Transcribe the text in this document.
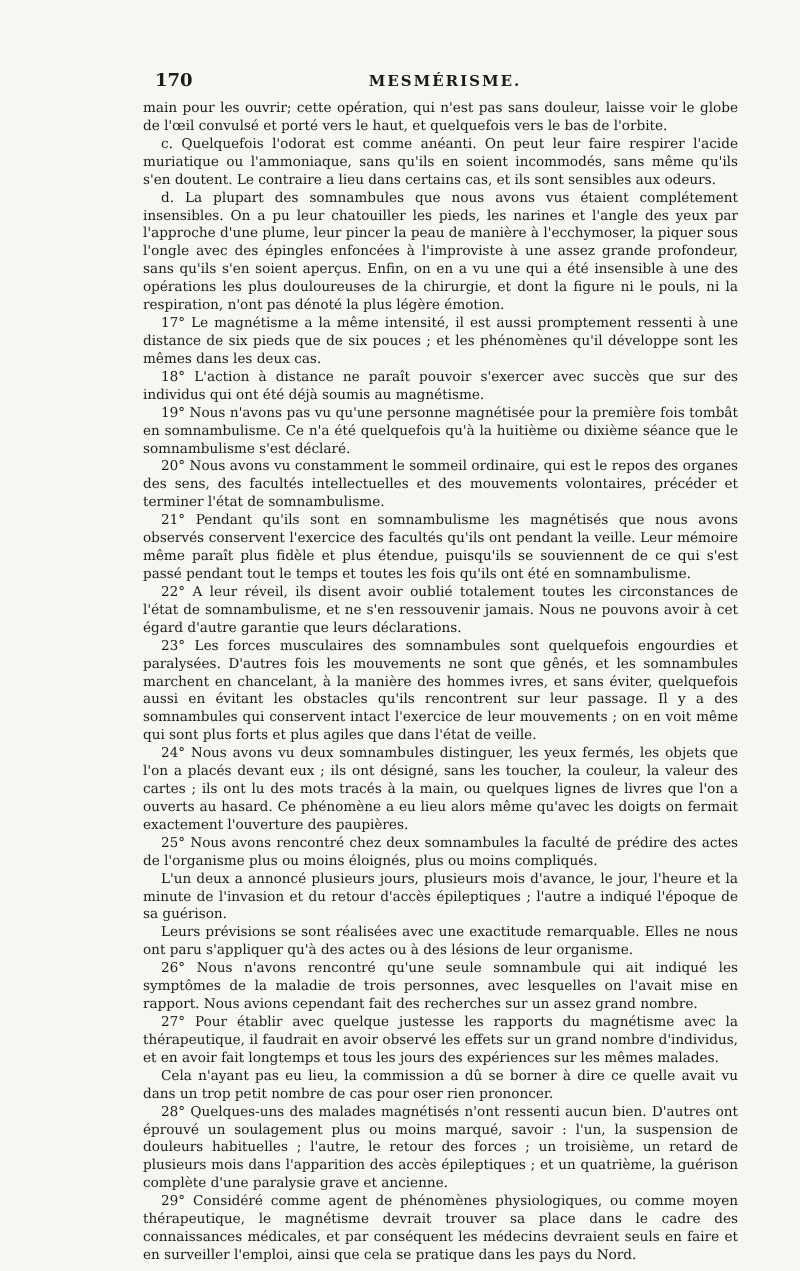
170	MESMÉRISME.

main pour les ouvrir; cette opération, qui n'est pas sans douleur, laisse voir le globe de l'œil convulsé et porté vers le haut, et quelquefois vers le bas de l'orbite.

c. Quelquefois l'odorat est comme anéanti. On peut leur faire respirer l'acide muriatique ou l'ammoniaque, sans qu'ils en soient incommodés, sans même qu'ils s'en doutent. Le contraire a lieu dans certains cas, et ils sont sensibles aux odeurs.

d. La plupart des somnambules que nous avons vus étaient complétement insensibles. On a pu leur chatouiller les pieds, les narines et l'angle des yeux par l'approche d'une plume, leur pincer la peau de manière à l'ecchymoser, la piquer sous l'ongle avec des épingles enfoncées à l'improviste à une assez grande profondeur, sans qu'ils s'en soient aperçus. Enfin, on en a vu une qui a été insensible à une des opérations les plus douloureuses de la chirurgie, et dont la figure ni le pouls, ni la respiration, n'ont pas dénoté la plus légère émotion.

17° Le magnétisme a la même intensité, il est aussi promptement ressenti à une distance de six pieds que de six pouces ; et les phénomènes qu'il développe sont les mêmes dans les deux cas.

18° L'action à distance ne paraît pouvoir s'exercer avec succès que sur des individus qui ont été déjà soumis au magnétisme.

19° Nous n'avons pas vu qu'une personne magnétisée pour la première fois tombât en somnambulisme. Ce n'a été quelquefois qu'à la huitième ou dixième séance que le somnambulisme s'est déclaré.

20° Nous avons vu constamment le sommeil ordinaire, qui est le repos des organes des sens, des facultés intellectuelles et des mouvements volontaires, précéder et terminer l'état de somnambulisme.

21° Pendant qu'ils sont en somnambulisme les magnétisés que nous avons observés conservent l'exercice des facultés qu'ils ont pendant la veille. Leur mémoire même paraît plus fidèle et plus étendue, puisqu'ils se souviennent de ce qui s'est passé pendant tout le temps et toutes les fois qu'ils ont été en somnambulisme.

22° A leur réveil, ils disent avoir oublié totalement toutes les circonstances de l'état de somnambulisme, et ne s'en ressouvenir jamais. Nous ne pouvons avoir à cet égard d'autre garantie que leurs déclarations.

23° Les forces musculaires des somnambules sont quelquefois engourdies et paralysées. D'autres fois les mouvements ne sont que gênés, et les somnambules marchent en chancelant, à la manière des hommes ivres, et sans éviter, quelquefois aussi en évitant les obstacles qu'ils rencontrent sur leur passage. Il y a des somnambules qui conservent intact l'exercice de leur mouvements ; on en voit même qui sont plus forts et plus agiles que dans l'état de veille.

24° Nous avons vu deux somnambules distinguer, les yeux fermés, les objets que l'on a placés devant eux ; ils ont désigné, sans les toucher, la couleur, la valeur des cartes ; ils ont lu des mots tracés à la main, ou quelques lignes de livres que l'on a ouverts au hasard. Ce phénomène a eu lieu alors même qu'avec les doigts on fermait exactement l'ouverture des paupières.

25° Nous avons rencontré chez deux somnambules la faculté de prédire des actes de l'organisme plus ou moins éloignés, plus ou moins compliqués.

L'un deux a annoncé plusieurs jours, plusieurs mois d'avance, le jour, l'heure et la minute de l'invasion et du retour d'accès épileptiques ; l'autre a indiqué l'époque de sa guérison.

Leurs prévisions se sont réalisées avec une exactitude remarquable. Elles ne nous ont paru s'appliquer qu'à des actes ou à des lésions de leur organisme.

26° Nous n'avons rencontré qu'une seule somnambule qui ait indiqué les symptômes de la maladie de trois personnes, avec lesquelles on l'avait mise en rapport. Nous avions cependant fait des recherches sur un assez grand nombre.

27° Pour établir avec quelque justesse les rapports du magnétisme avec la thérapeutique, il faudrait en avoir observé les effets sur un grand nombre d'individus, et en avoir fait longtemps et tous les jours des expériences sur les mêmes malades.

Cela n'ayant pas eu lieu, la commission a dû se borner à dire ce quelle avait vu dans un trop petit nombre de cas pour oser rien prononcer.

28° Quelques-uns des malades magnétisés n'ont ressenti aucun bien. D'autres ont éprouvé un soulagement plus ou moins marqué, savoir : l'un, la suspension de douleurs habituelles ; l'autre, le retour des forces ; un troisième, un retard de plusieurs mois dans l'apparition des accès épileptiques ; et un quatrième, la guérison complète d'une paralysie grave et ancienne.

29° Considéré comme agent de phénomènes physiologiques, ou comme moyen thérapeutique, le magnétisme devrait trouver sa place dans le cadre des connaissances médicales, et par conséquent les médecins devraient seuls en faire et en surveiller l'emploi, ainsi que cela se pratique dans les pays du Nord.
